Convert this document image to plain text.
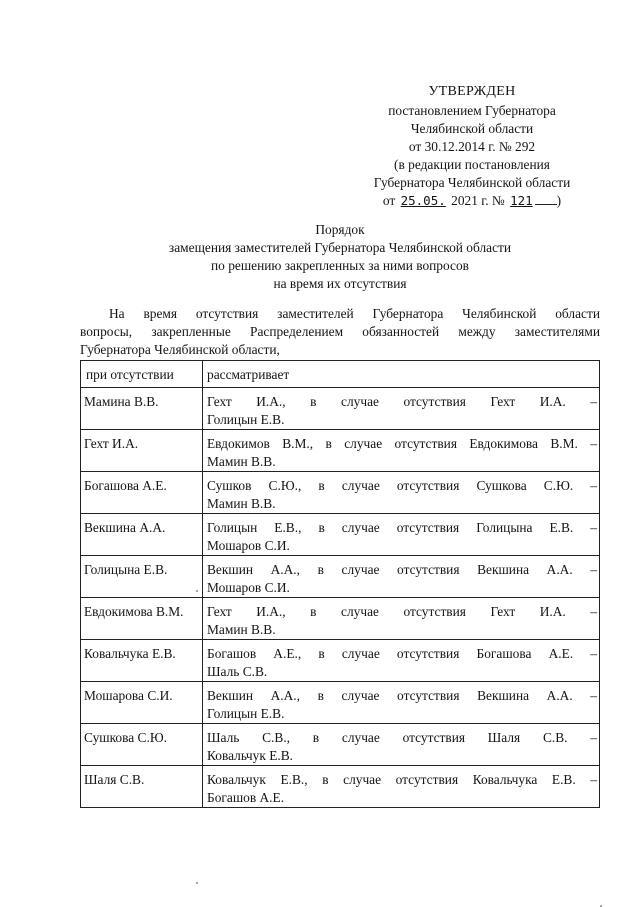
УТВЕРЖДЕН
постановлением Губернатора
Челябинской области
от 30.12.2014 г. № 292
(в редакции постановления
Губернатора Челябинской области
от 25.05. 2021 г. № 121 )
Порядок
замещения заместителей Губернатора Челябинской области
по решению закрепленных за ними вопросов
на время их отсутствия
На время отсутствия заместителей Губернатора Челябинской области
вопросы, закрепленные Распределением обязанностей между заместителями
Губернатора Челябинской области,
при отсутствии	рассматривает
Мамина В.В.	Гехт И.А., в случае отсутствия Гехт И.А. –
Голицын Е.В.

Гехт И.А.	Евдокимов В.М., в случае отсутствия Евдокимова В.М. –
Мамин В.В.

Богашова А.Е.	Сушков С.Ю., в случае отсутствия Сушкова С.Ю. –
Мамин В.В.

Векшина А.А.	Голицын Е.В., в случае отсутствия Голицына Е.В. –
Мошаров С.И.

Голицына Е.В.	Векшин А.А., в случае отсутствия Векшина А.А. –
Мошаров С.И.

Евдокимова В.М.	Гехт И.А., в случае отсутствия Гехт И.А. –
Мамин В.В.

Ковальчука Е.В.	Богашов А.Е., в случае отсутствия Богашова А.Е. –
Шаль С.В.

Мошарова С.И.	Векшин А.А., в случае отсутствия Векшина А.А. –
Голицын Е.В.

Сушкова С.Ю.	Шаль С.В., в случае отсутствия Шаля С.В. –
Ковальчук Е.В.

Шаля С.В.	Ковальчук Е.В., в случае отсутствия Ковальчука Е.В. –
Богашов А.Е.
